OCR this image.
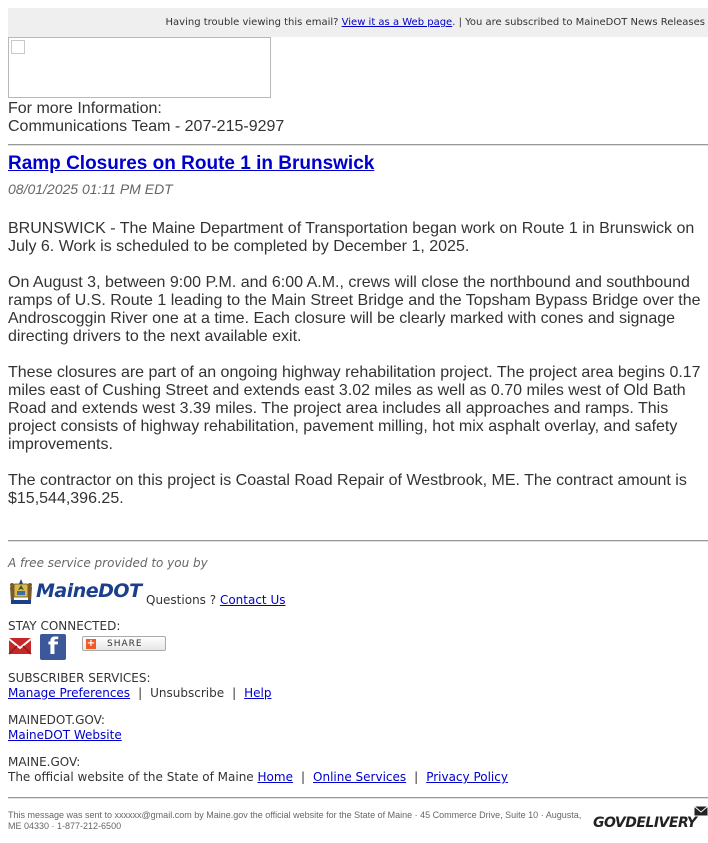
Having trouble viewing this email? View it as a Web page. | You are subscribed to MaineDOT News Releases
For more Information:
Communications Team - 207-215-9297
Ramp Closures on Route 1 in Brunswick
08/01/2025 01:11 PM EDT

BRUNSWICK - The Maine Department of Transportation began work on Route 1 in Brunswick on July 6. Work is scheduled to be completed by December 1, 2025.

On August 3, between 9:00 P.M. and 6:00 A.M., crews will close the northbound and southbound ramps of U.S. Route 1 leading to the Main Street Bridge and the Topsham Bypass Bridge over the Androscoggin River one at a time. Each closure will be clearly marked with cones and signage directing drivers to the next available exit.

These closures are part of an ongoing highway rehabilitation project. The project area begins 0.17 miles east of Cushing Street and extends east 3.02 miles as well as 0.70 miles west of Old Bath Road and extends west 3.39 miles. The project area includes all approaches and ramps. This project consists of highway rehabilitation, pavement milling, hot mix asphalt overlay, and safety improvements.

The contractor on this project is Coastal Road Repair of Westbrook, ME. The contract amount is $15,544,396.25.

A free service provided to you by
MaineDOT Questions ? Contact Us
STAY CONNECTED:
f	+ SHARE
SUBSCRIBER SERVICES:
Manage Preferences | Unsubscribe | Help
MAINEDOT.GOV:
MaineDOT Website
MAINE.GOV:
The official website of the State of Maine Home | Online Services | Privacy Policy
This message was sent to xxxxxx@gmail.com by Maine.gov the official website for the State of Maine · 45 Commerce Drive, Suite 10 · Augusta, ME 04330 · 1-877-212-6500	GOVDELIVERY
